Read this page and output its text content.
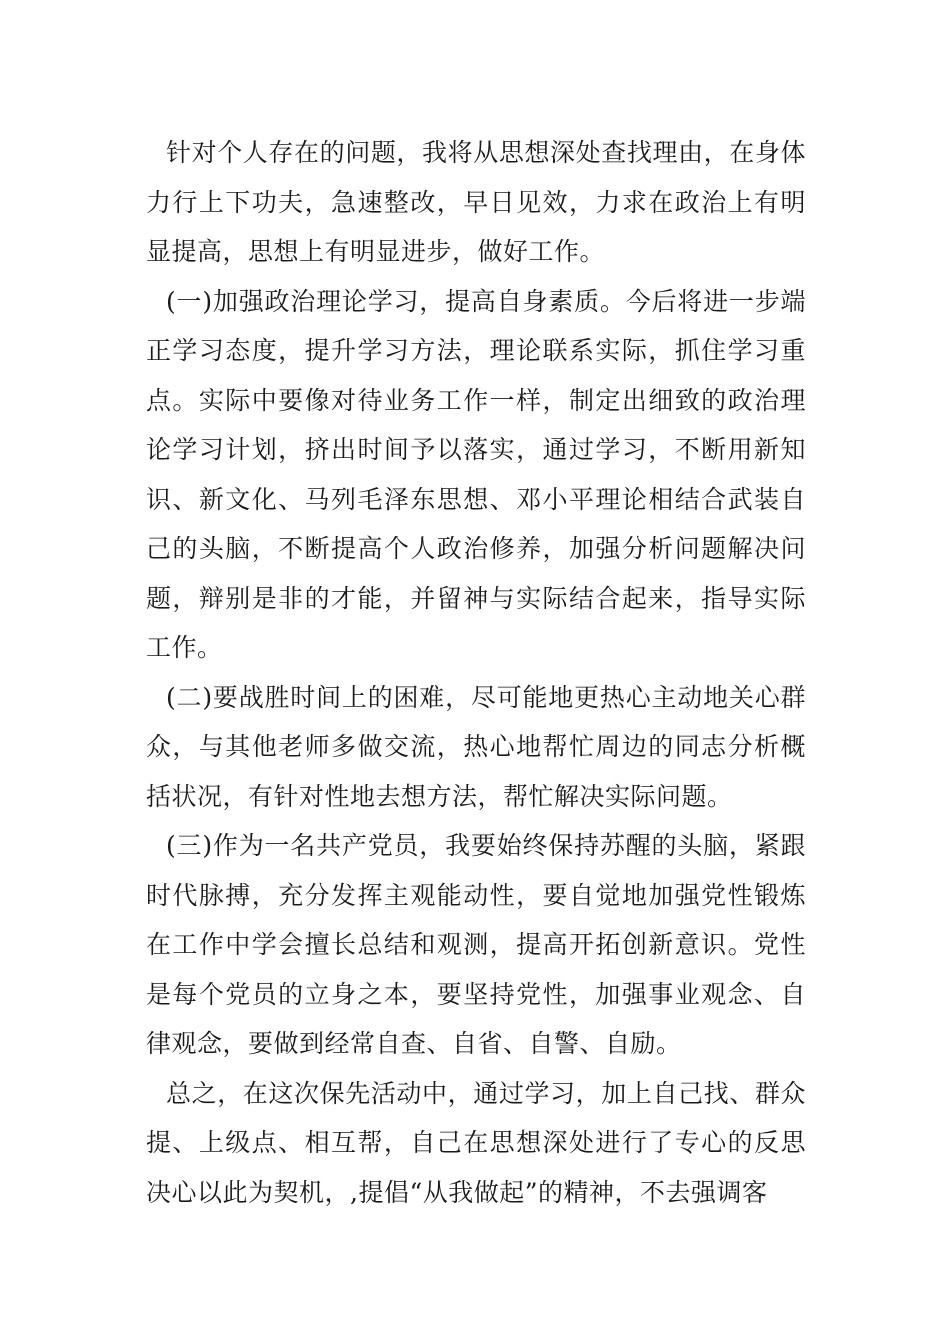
针对个人存在的问题，我将从思想深处查找理由，在身体力行上下功夫，急速整改，早日见效，力求在政治上有明显提高，思想上有明显进步，做好工作。

(一)加强政治理论学习，提高自身素质。今后将进一步端正学习态度，提升学习方法，理论联系实际，抓住学习重点。实际中要像对待业务工作一样，制定出细致的政治理论学习计划，挤出时间予以落实，通过学习，不断用新知识、新文化、马列毛泽东思想、邓小平理论相结合武装自己的头脑，不断提高个人政治修养，加强分析问题解决问题，辩别是非的才能，并留神与实际结合起来，指导实际工作。

(二)要战胜时间上的困难，尽可能地更热心主动地关心群众，与其他老师多做交流，热心地帮忙周边的同志分析概括状况，有针对性地去想方法，帮忙解决实际问题。

(三)作为一名共产党员，我要始终保持苏醒的头脑，紧跟时代脉搏，充分发挥主观能动性，要自觉地加强党性锻炼在工作中学会擅长总结和观测，提高开拓创新意识。党性是每个党员的立身之本，要坚持党性，加强事业观念、自律观念，要做到经常自查、自省、自警、自励。

总之，在这次保先活动中，通过学习，加上自己找、群众提、上级点、相互帮，自己在思想深处进行了专心的反思决心以此为契机，,提倡“从我做起”的精神，不去强调客
